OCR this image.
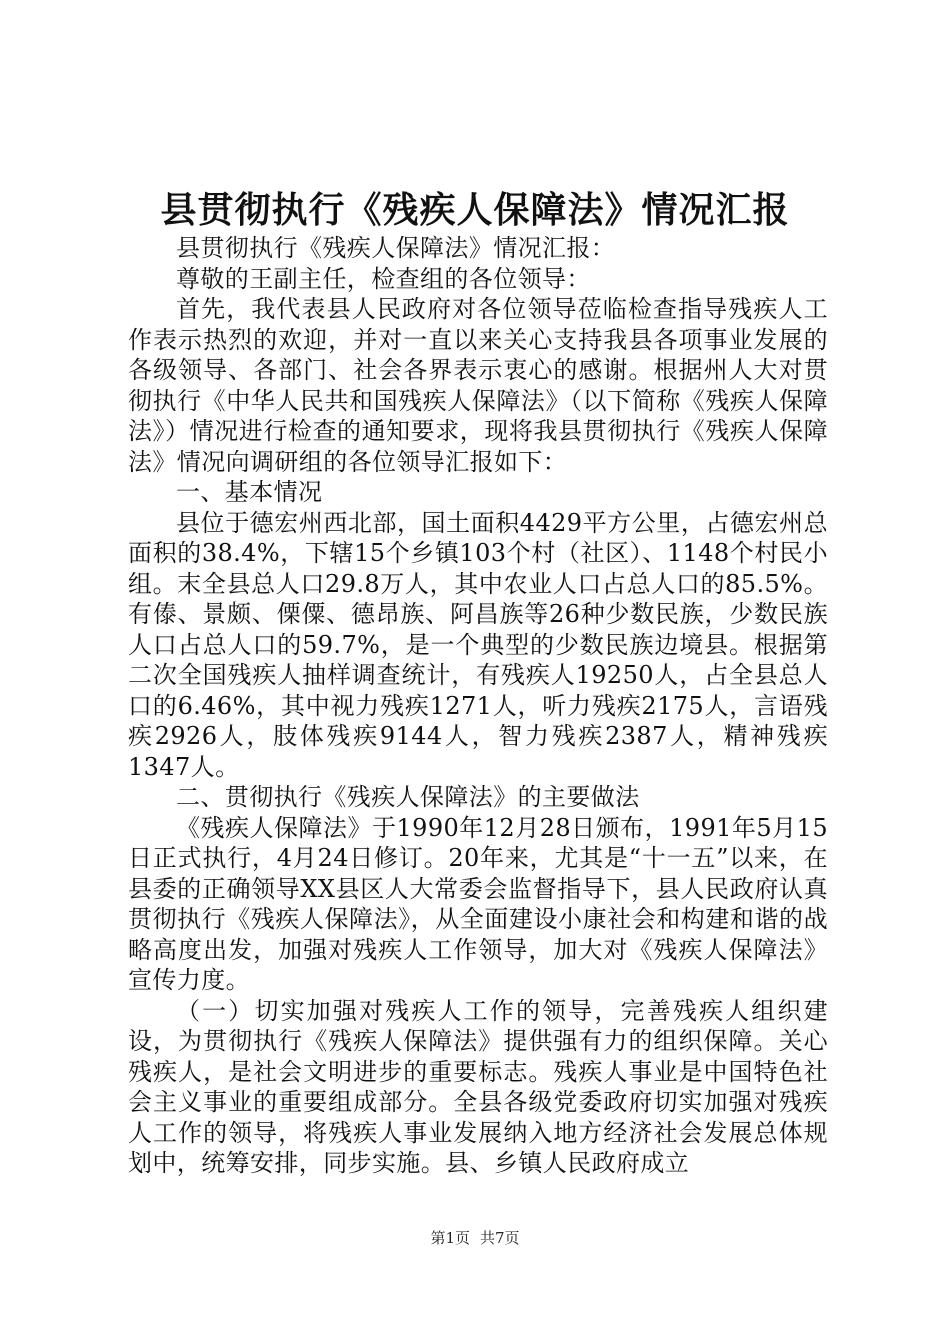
县贯彻执行《残疾人保障法》情况汇报

县贯彻执行《残疾人保障法》情况汇报：

尊敬的王副主任，检查组的各位领导：

首先，我代表县人民政府对各位领导莅临检查指导残疾人工作表示热烈的欢迎，并对一直以来关心支持我县各项事业发展的各级领导、各部门、社会各界表示衷心的感谢。根据州人大对贯彻执行《中华人民共和国残疾人保障法》（以下简称《残疾人保障法》）情况进行检查的通知要求，现将我县贯彻执行《残疾人保障法》情况向调研组的各位领导汇报如下：

一、基本情况

县位于德宏州西北部，国土面积4429平方公里，占德宏州总面积的38.4%，下辖15个乡镇103个村（社区）、1148个村民小组。末全县总人口29.8万人，其中农业人口占总人口的85.5%。有傣、景颇、傈僳、德昂族、阿昌族等26种少数民族，少数民族人口占总人口的59.7%，是一个典型的少数民族边境县。根据第二次全国残疾人抽样调查统计，有残疾人19250人，占全县总人口的6.46%，其中视力残疾1271人，听力残疾2175人，言语残疾2926人，肢体残疾9144人，智力残疾2387人，精神残疾1347人。

二、贯彻执行《残疾人保障法》的主要做法

《残疾人保障法》于1990年12月28日颁布，1991年5月15日正式执行，4月24日修订。20年来，尤其是“十一五”以来，在县委的正确领导XX县区人大常委会监督指导下，县人民政府认真贯彻执行《残疾人保障法》，从全面建设小康社会和构建和谐的战略高度出发，加强对残疾人工作领导，加大对《残疾人保障法》宣传力度。

（一）切实加强对残疾人工作的领导，完善残疾人组织建设，为贯彻执行《残疾人保障法》提供强有力的组织保障。关心残疾人，是社会文明进步的重要标志。残疾人事业是中国特色社会主义事业的重要组成部分。全县各级党委政府切实加强对残疾人工作的领导，将残疾人事业发展纳入地方经济社会发展总体规划中，统筹安排，同步实施。县、乡镇人民政府成立

第1页 共7页
